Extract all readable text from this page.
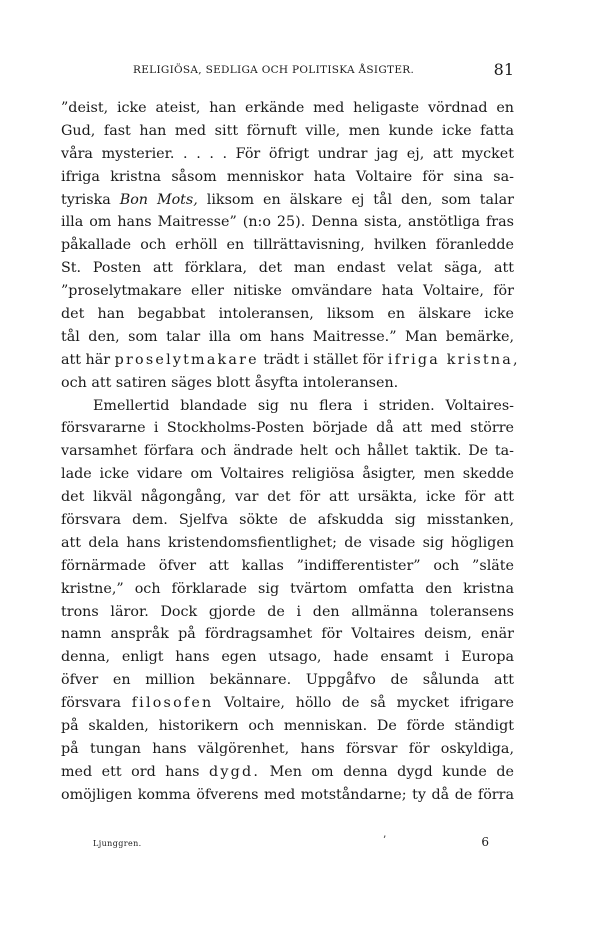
RELIGIÖSA, SEDLIGA OCH POLITISKA ÅSIGTER.	81
”deist, icke ateist, han erkände med heligaste vördnad en
Gud, fast han med sitt förnuft ville, men kunde icke fatta
våra mysterier. . . . . För öfrigt undrar jag ej, att mycket
ifriga kristna såsom menniskor hata Voltaire för sina sa-
tyriska Bon Mots, liksom en älskare ej tål den, som talar
illa om hans Maitresse” (n:o 25). Denna sista, anstötliga fras
påkallade och erhöll en tillrättavisning, hvilken föranledde
St. Posten att förklara, det man endast velat säga, att
”proselytmakare eller nitiske omvändare hata Voltaire, för
det han begabbat intoleransen, liksom en älskare icke
tål den, som talar illa om hans Maitresse.” Man bemärke,
att här proselytmakare trädt i stället för ifriga kristna,
och att satiren säges blott åsyfta intoleransen.
Emellertid blandade sig nu flera i striden. Voltaires-
försvararne i Stockholms-Posten började då att med större
varsamhet förfara och ändrade helt och hållet taktik. De ta-
lade icke vidare om Voltaires religiösa åsigter, men skedde
det likväl någongång, var det för att ursäkta, icke för att
försvara dem. Sjelfva sökte de afskudda sig misstanken,
att dela hans kristendomsfientlighet; de visade sig högligen
förnärmade öfver att kallas ”indifferentister” och ”släte
kristne,” och förklarade sig tvärtom omfatta den kristna
trons läror. Dock gjorde de i den allmänna toleransens
namn anspråk på fördragsamhet för Voltaires deism, enär
denna, enligt hans egen utsago, hade ensamt i Europa
öfver en million bekännare. Uppgåfvo de sålunda att
försvara filosofen Voltaire, höllo de så mycket ifrigare
på skalden, historikern och menniskan. De förde ständigt
på tungan hans välgörenhet, hans försvar för oskyldiga,
med ett ord hans dygd. Men om denna dygd kunde de
omöjligen komma öfverens med motståndarne; ty då de förra
Ljunggren.	’	6
